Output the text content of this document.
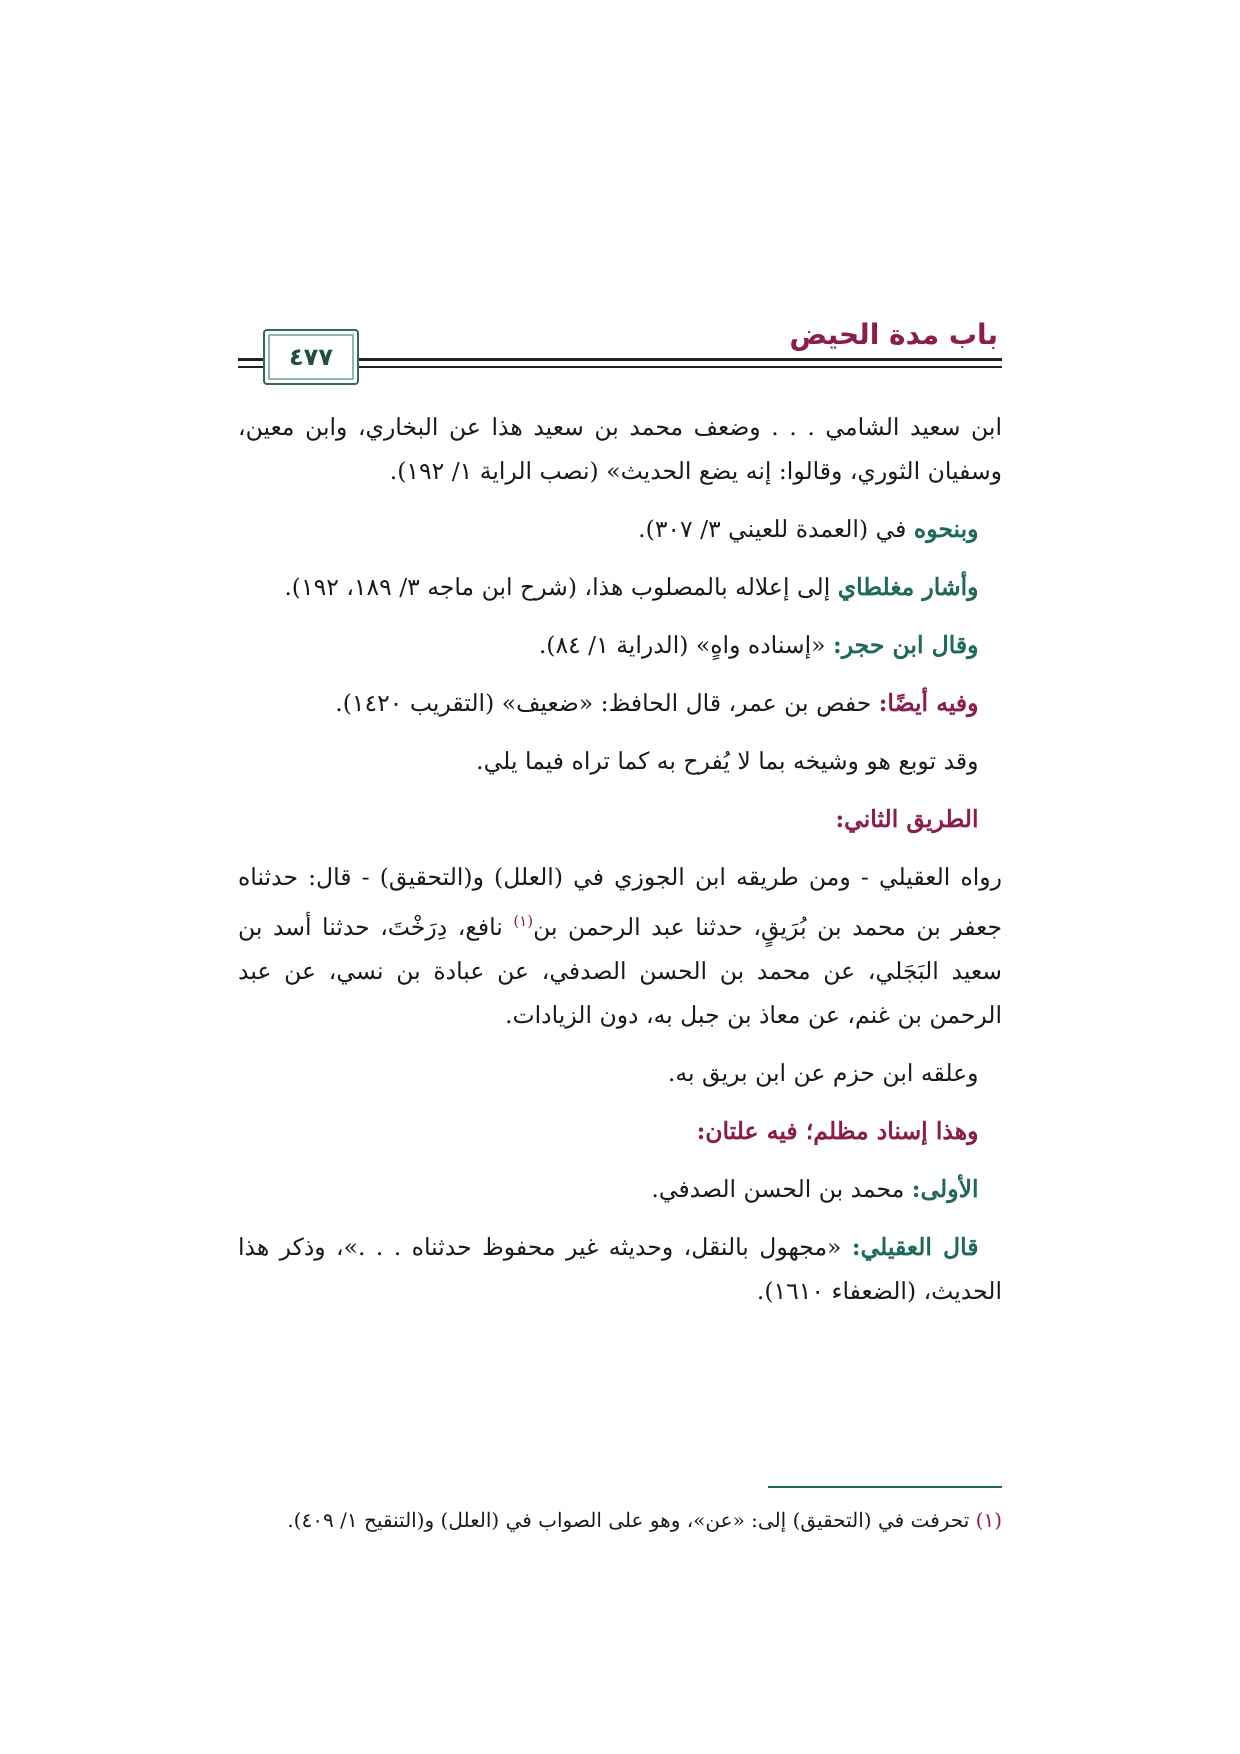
باب مدة الحيض
٤٧٧

ابن سعيد الشامي . . . وضعف محمد بن سعيد هذا عن البخاري، وابن معين، وسفيان الثوري، وقالوا: إنه يضع الحديث» (نصب الراية ١/ ١٩٢).

 وبنحوه في (العمدة للعيني ٣/ ٣٠٧).

 وأشار مغلطاي إلى إعلاله بالمصلوب هذا، (شرح ابن ماجه ٣/ ١٨٩، ١٩٢).

 وقال ابن حجر: «إسناده واهٍ» (الدراية ١/ ٨٤).

 وفيه أيضًا: حفص بن عمر، قال الحافظ: «ضعيف» (التقريب ١٤٢٠).

 وقد توبع هو وشيخه بما لا يُفرح به كما تراه فيما يلي.

 الطريق الثاني:

رواه العقيلي - ومن طريقه ابن الجوزي في (العلل) و(التحقيق) - قال: حدثناه جعفر بن محمد بن بُرَيقٍ، حدثنا عبد الرحمن بن$^{(١)}$ نافع، دِرَخْتَ، حدثنا أسد بن سعيد البَجَلي، عن محمد بن الحسن الصدفي، عن عبادة بن نسي، عن عبد الرحمن بن غنم، عن معاذ بن جبل به، دون الزيادات.

 وعلقه ابن حزم عن ابن بريق به.

 وهذا إسناد مظلم؛ فيه علتان:

 الأولى: محمد بن الحسن الصدفي.

 قال العقيلي: «مجهول بالنقل، وحديثه غير محفوظ حدثناه . . .»، وذكر هذا الحديث، (الضعفاء ١٦١٠).

(١) تحرفت في (التحقيق) إلى: «عن»، وهو على الصواب في (العلل) و(التنقيح ١/ ٤٠٩).
